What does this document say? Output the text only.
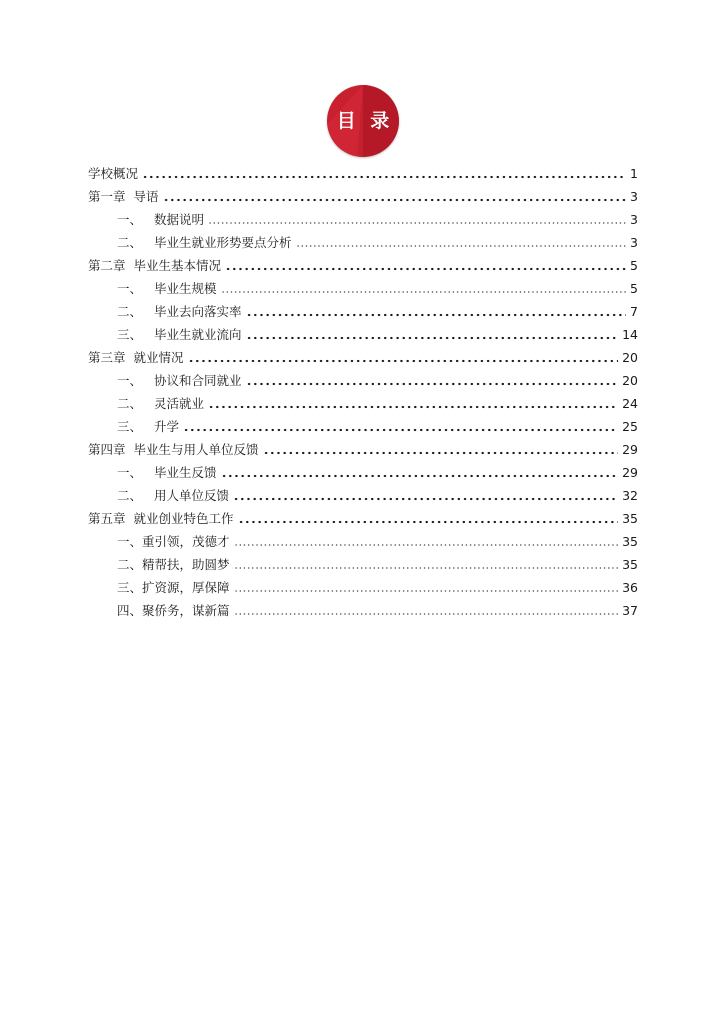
目 录
学校概况	1
第一章 导语	3
一、 数据说明	3
二、 毕业生就业形势要点分析	3
第二章 毕业生基本情况	5
一、 毕业生规模	5
二、 毕业去向落实率	7
三、 毕业生就业流向	14
第三章 就业情况	20
一、 协议和合同就业	20
二、 灵活就业	24
三、 升学	25
第四章 毕业生与用人单位反馈	29
一、 毕业生反馈	29
二、 用人单位反馈	32
第五章 就业创业特色工作	35
一、 重引领，茂德才	35
二、 精帮扶，助圆梦	35
三、 扩资源，厚保障	36
四、 聚侨务，谋新篇	37
